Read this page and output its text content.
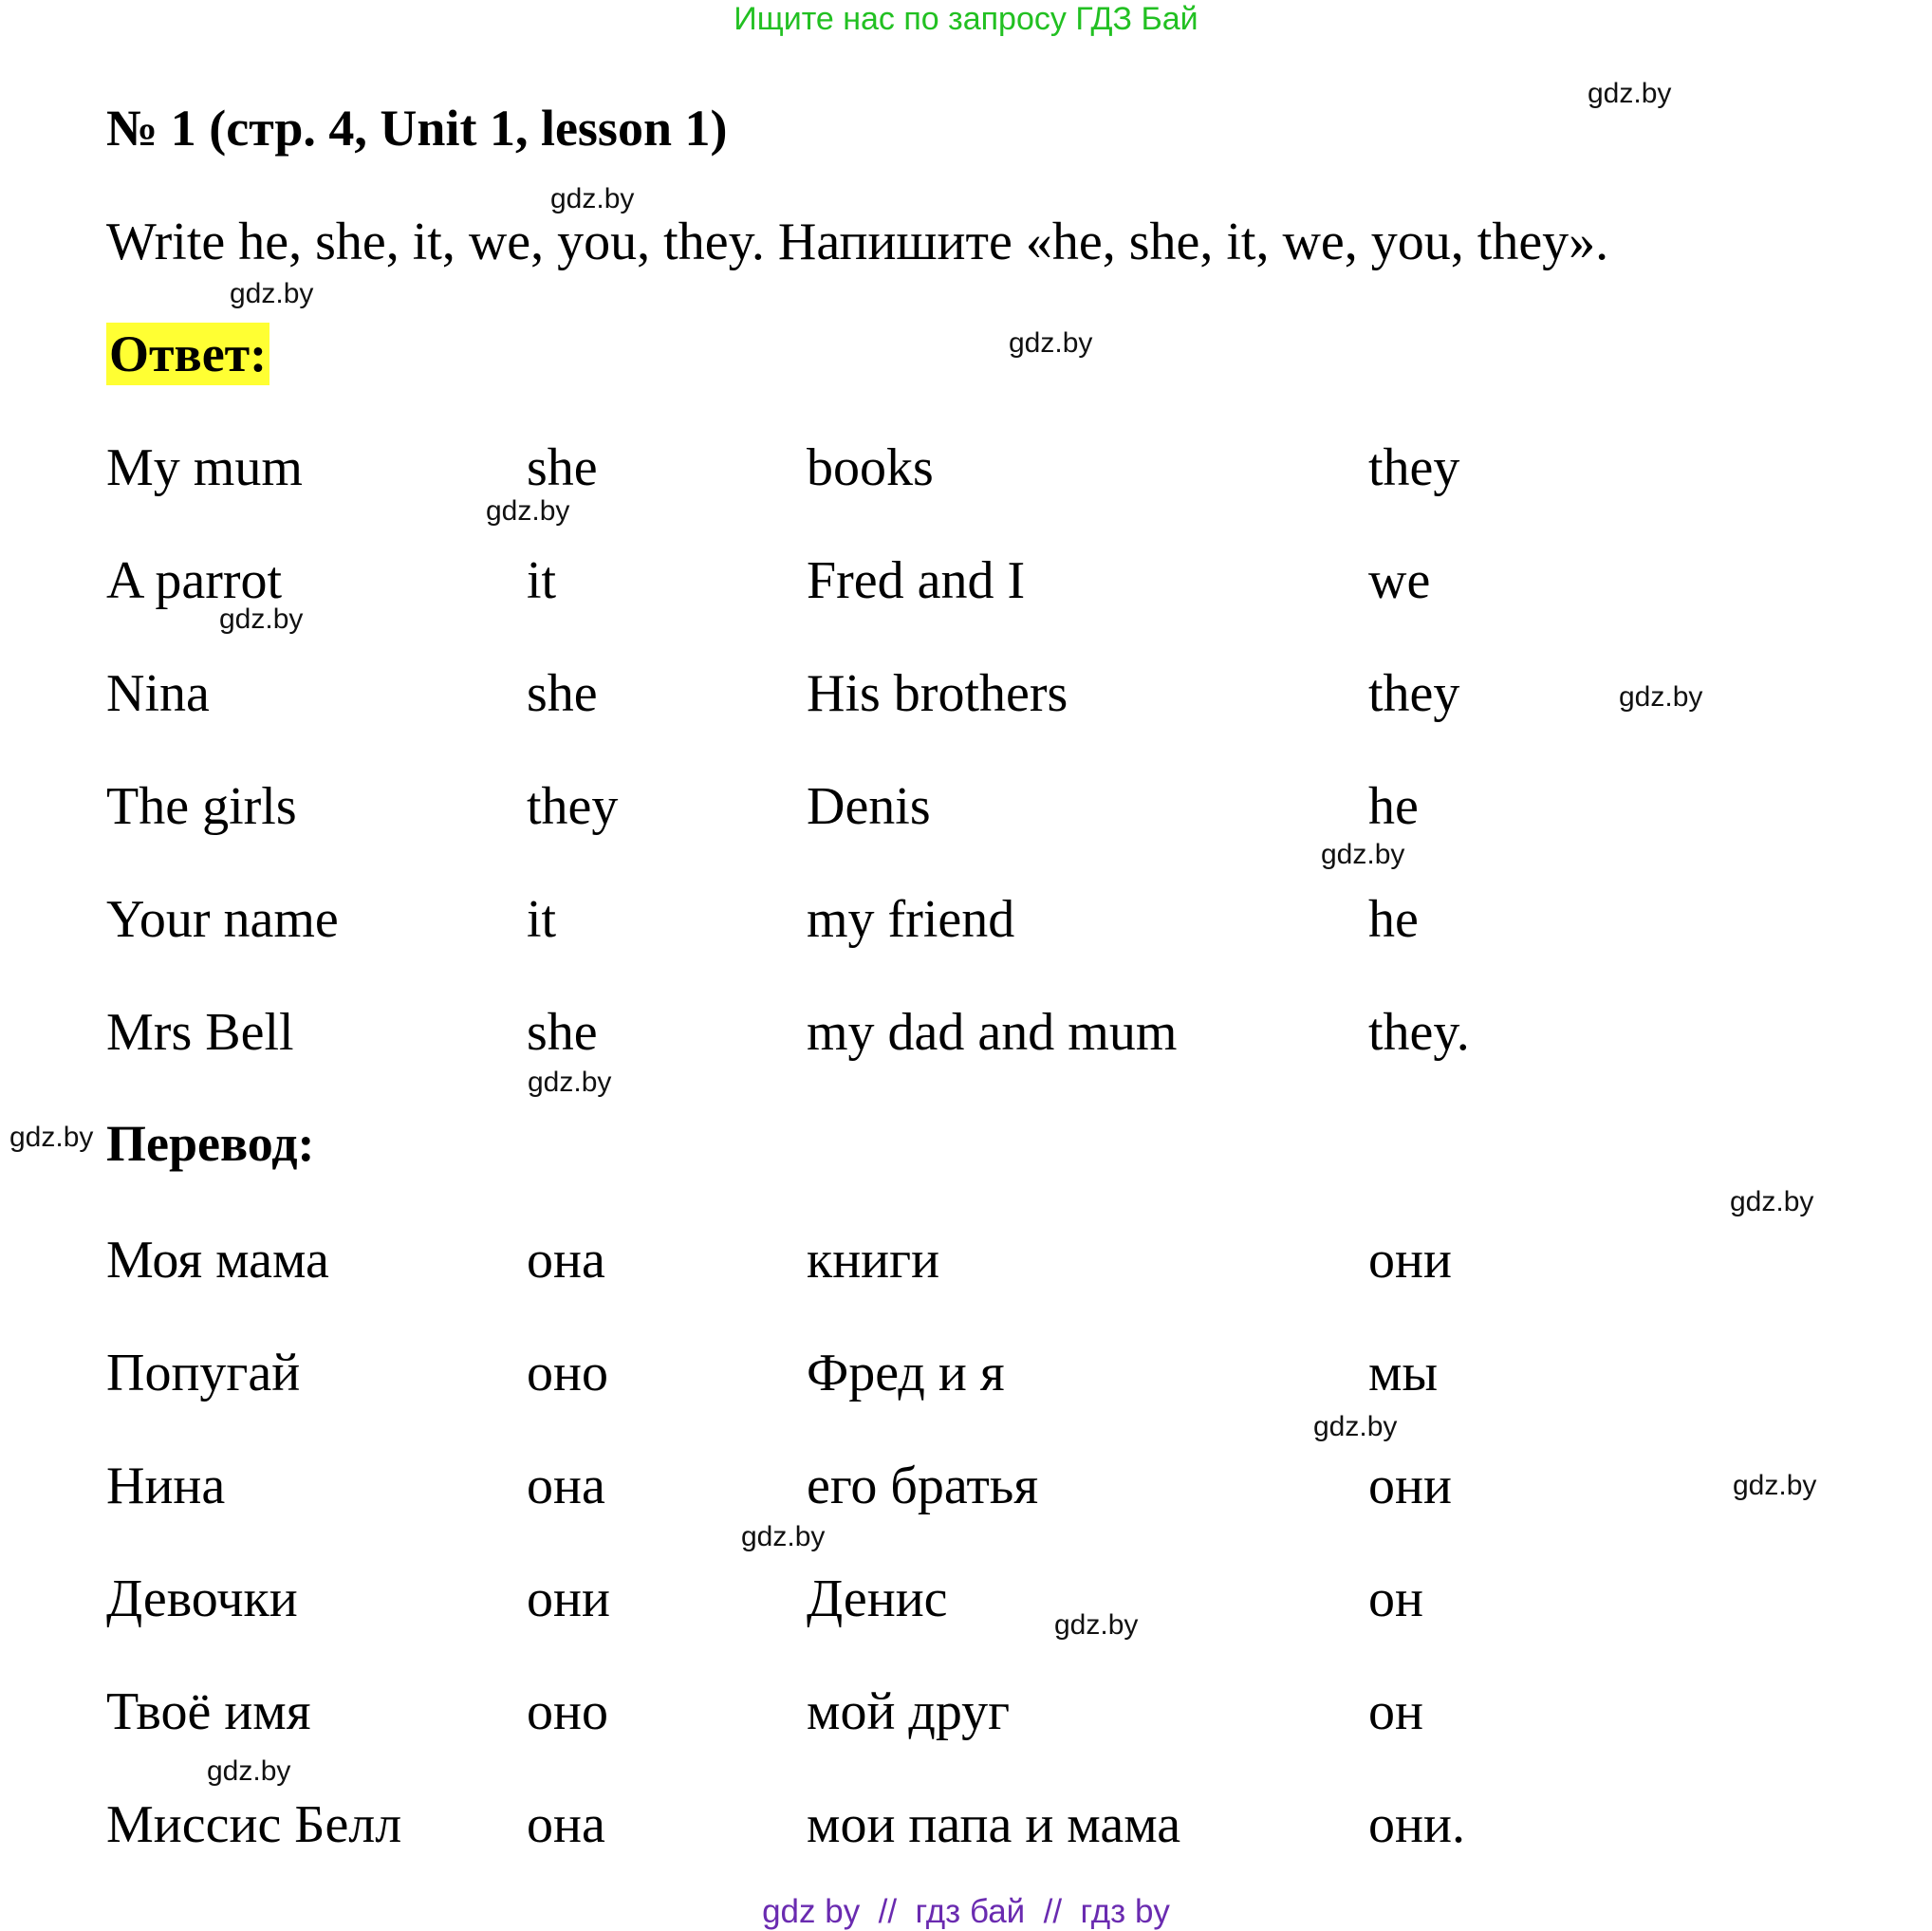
Ищите нас по запросу ГДЗ Бай
№ 1 (стр. 4, Unit 1, lesson 1)

Write he, she, it, we, you, they. Напишите «he, she, it, we, you, they».

Ответ:
My mum	she	books	they
A parrot	it	Fred and I	we
Nina	she	His brothers	they
The girls	they	Denis	he
Your name	it	my friend	he
Mrs Bell	she	my dad and mum	they.
Перевод:
Моя мама	она	книги	они
Попугай	оно	Фред и я	мы
Нина	она	его братья	они
Девочки	они	Денис	он
Твоё имя	оно	мой друг	он
Миссис Белл	она	мои папа и мама	они.
gdz.by
gdz.by
gdz.by
gdz.by
gdz.by
gdz.by
gdz.by
gdz.by
gdz.by
gdz.by
gdz.by
gdz.by
gdz.by
gdz.by
gdz.by
gdz.by
gdz by  //  гдз бай  //  гдз by
